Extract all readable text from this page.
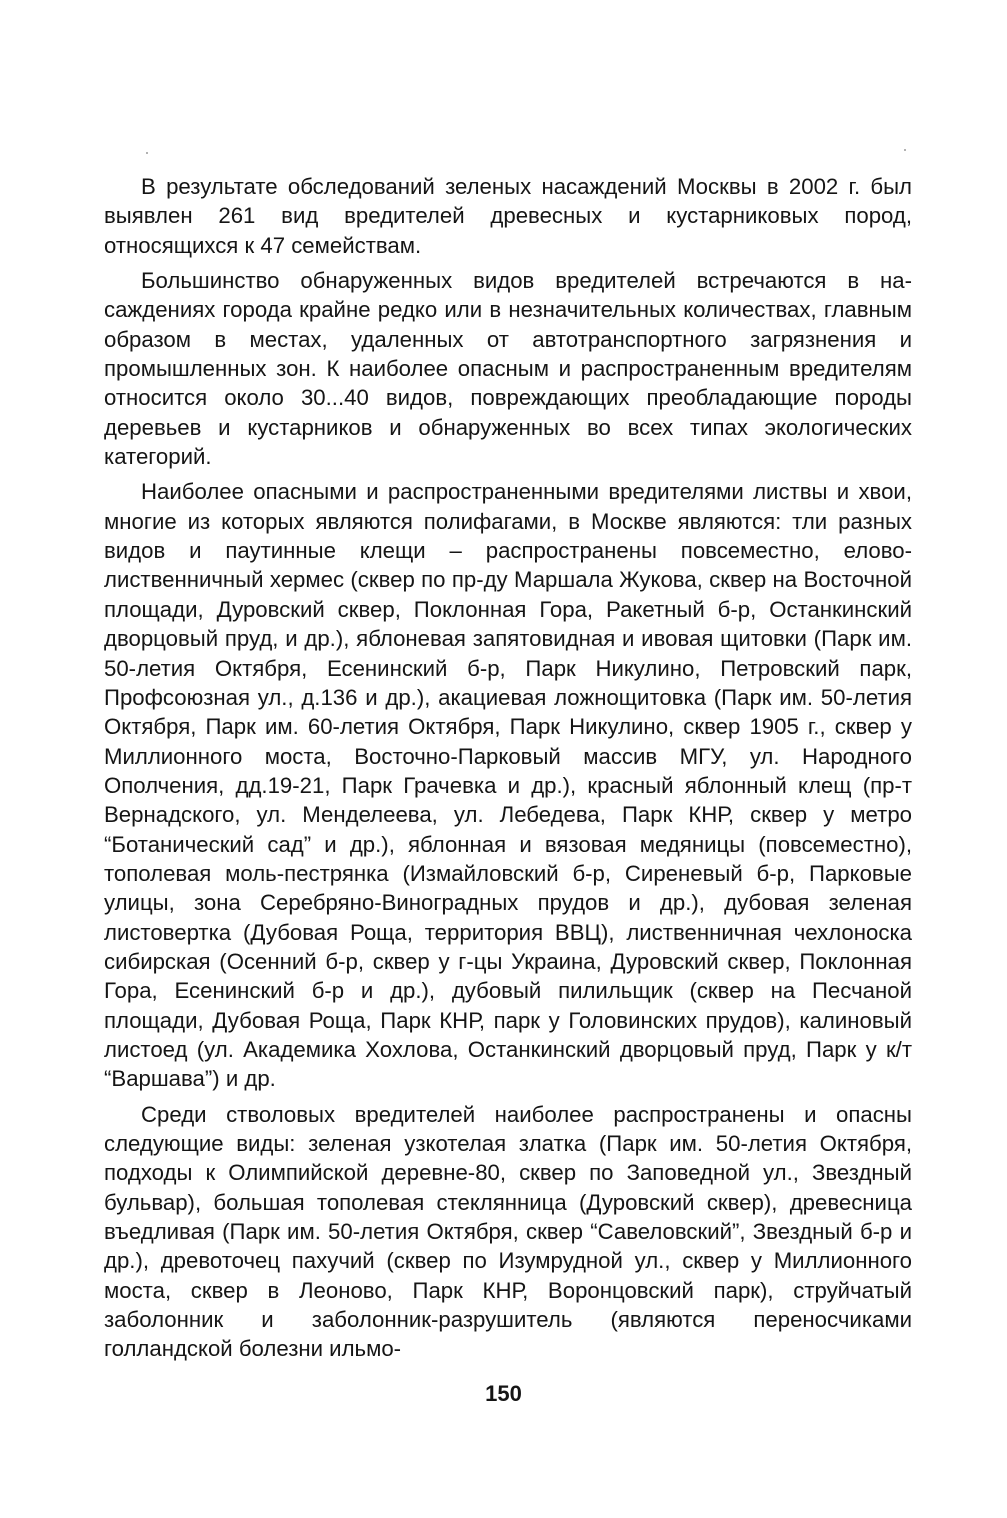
В результате обследований зеленых насаждений Москвы в 2002 г. был выявлен 261 вид вредителей древесных и кустарниковых пород, относящихся к 47 семействам.

Большинство обнаруженных видов вредителей встречаются в насаждениях города крайне редко или в незначительных количествах, главным образом в местах, удаленных от автотранспортного загрязнения и промышленных зон. К наиболее опасным и распространенным вредителям относится около 30...40 видов, повреждающих преобладающие породы деревьев и кустарников и обнаруженных во всех типах экологических категорий.

Наиболее опасными и распространенными вредителями листвы и хвои, многие из которых являются полифагами, в Москве являются: тли разных видов и паутинные клещи – распространены повсеместно, елово-лиственничный хермес (сквер по пр-ду Маршала Жукова, сквер на Восточной площади, Дуровский сквер, Поклонная Гора, Ракетный б-р, Останкинский дворцовый пруд, и др.), яблоневая запятовидная и ивовая щитовки (Парк им. 50-летия Октября, Есенинский б-р, Парк Никулино, Петровский парк, Профсоюзная ул., д.136 и др.), акациевая ложнощитовка (Парк им. 50-летия Октября, Парк им. 60-летия Октября, Парк Никулино, сквер 1905 г., сквер у Миллионного моста, Восточно-Парковый массив МГУ, ул. Народного Ополчения, дд.19-21, Парк Грачевка и др.), красный яблонный клещ (пр-т Вернадского, ул. Менделеева, ул. Лебедева, Парк КНР, сквер у метро “Ботанический сад” и др.), яблонная и вязовая медяницы (повсеместно), тополевая моль-пестрянка (Измайловский б-р, Сиреневый б-р, Парковые улицы, зона Серебряно-Виноградных прудов и др.), дубовая зеленая листовертка (Дубовая Роща, территория ВВЦ), лиственничная чехлоноска сибирская (Осенний б-р, сквер у г-цы Украина, Дуровский сквер, Поклонная Гора, Есенинский б-р и др.), дубовый пилильщик (сквер на Песчаной площади, Дубовая Роща, Парк КНР, парк у Головинских прудов), калиновый листоед (ул. Академика Хохлова, Останкинский дворцовый пруд, Парк у к/т “Варшава”) и др.

Среди стволовых вредителей наиболее распространены и опасны следующие виды: зеленая узкотелая златка (Парк им. 50-летия Октября, подходы к Олимпийской деревне-80, сквер по Заповедной ул., Звездный бульвар), большая тополевая стеклянница (Дуровский сквер), древесница въедливая (Парк им. 50-летия Октября, сквер “Савеловский”, Звездный б-р и др.), древоточец пахучий (сквер по Изумрудной ул., сквер у Миллионного моста, сквер в Леоново, Парк КНР, Воронцовский парк), струйчатый заболонник и заболонник-разрушитель (являются переносчиками голландской болезни ильмо-

150
